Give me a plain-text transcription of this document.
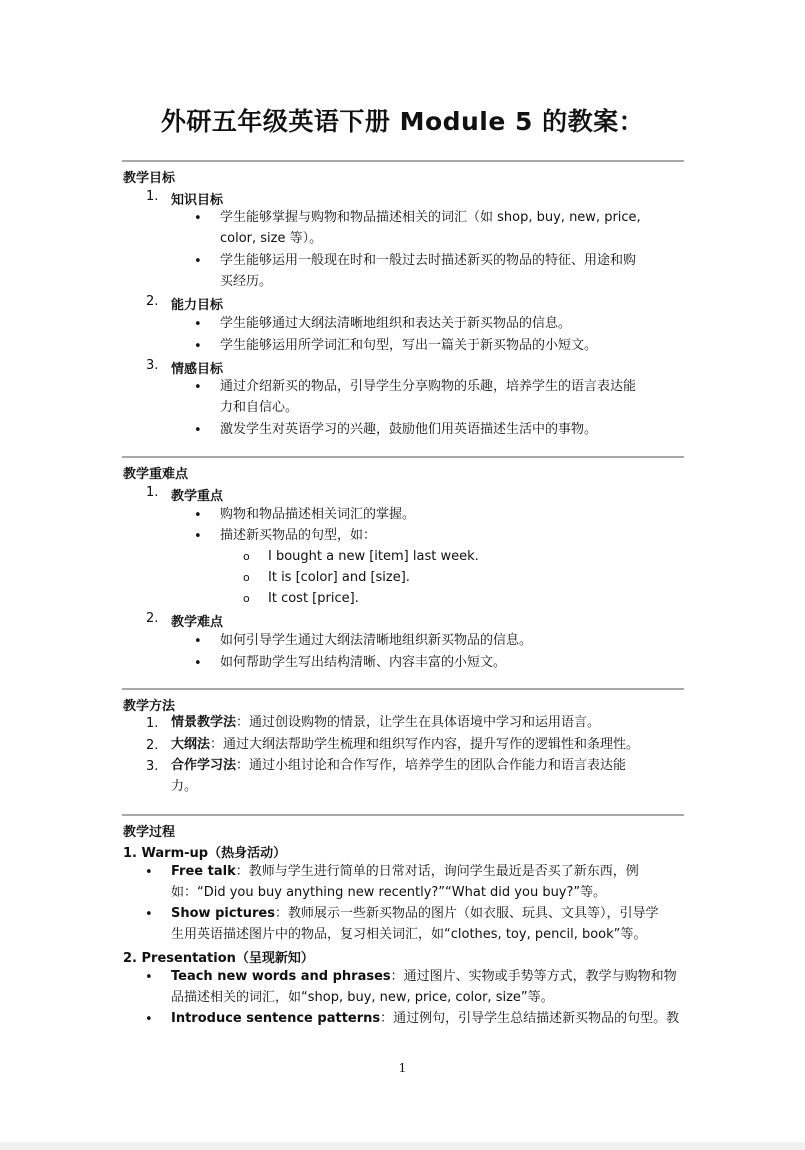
外研五年级英语下册 Module 5 的教案：
教学目标
1. 知识目标
• 学生能够掌握与购物和物品描述相关的词汇（如 shop, buy, new, price,
color, size 等）。
• 学生能够运用一般现在时和一般过去时描述新买的物品的特征、用途和购
买经历。
2. 能力目标
• 学生能够通过大纲法清晰地组织和表达关于新买物品的信息。
• 学生能够运用所学词汇和句型，写出一篇关于新买物品的小短文。
3. 情感目标
• 通过介绍新买的物品，引导学生分享购物的乐趣，培养学生的语言表达能
力和自信心。
• 激发学生对英语学习的兴趣，鼓励他们用英语描述生活中的事物。
教学重难点
1. 教学重点
• 购物和物品描述相关词汇的掌握。
• 描述新买物品的句型，如：
o I bought a new [item] last week.
o It is [color] and [size].
o It cost [price].
2. 教学难点
• 如何引导学生通过大纲法清晰地组织新买物品的信息。
• 如何帮助学生写出结构清晰、内容丰富的小短文。
教学方法
1. 情景教学法：通过创设购物的情景，让学生在具体语境中学习和运用语言。
2. 大纲法：通过大纲法帮助学生梳理和组织写作内容，提升写作的逻辑性和条理性。
3. 合作学习法：通过小组讨论和合作写作，培养学生的团队合作能力和语言表达能
力。
教学过程
1. Warm-up（热身活动）
• Free talk：教师与学生进行简单的日常对话，询问学生最近是否买了新东西，例
如：“Did you buy anything new recently?”“What did you buy?”等。
• Show pictures：教师展示一些新买物品的图片（如衣服、玩具、文具等），引导学
生用英语描述图片中的物品，复习相关词汇，如“clothes, toy, pencil, book”等。
2. Presentation（呈现新知）
• Teach new words and phrases：通过图片、实物或手势等方式，教学与购物和物
品描述相关的词汇，如“shop, buy, new, price, color, size”等。
• Introduce sentence patterns：通过例句，引导学生总结描述新买物品的句型。教
1
